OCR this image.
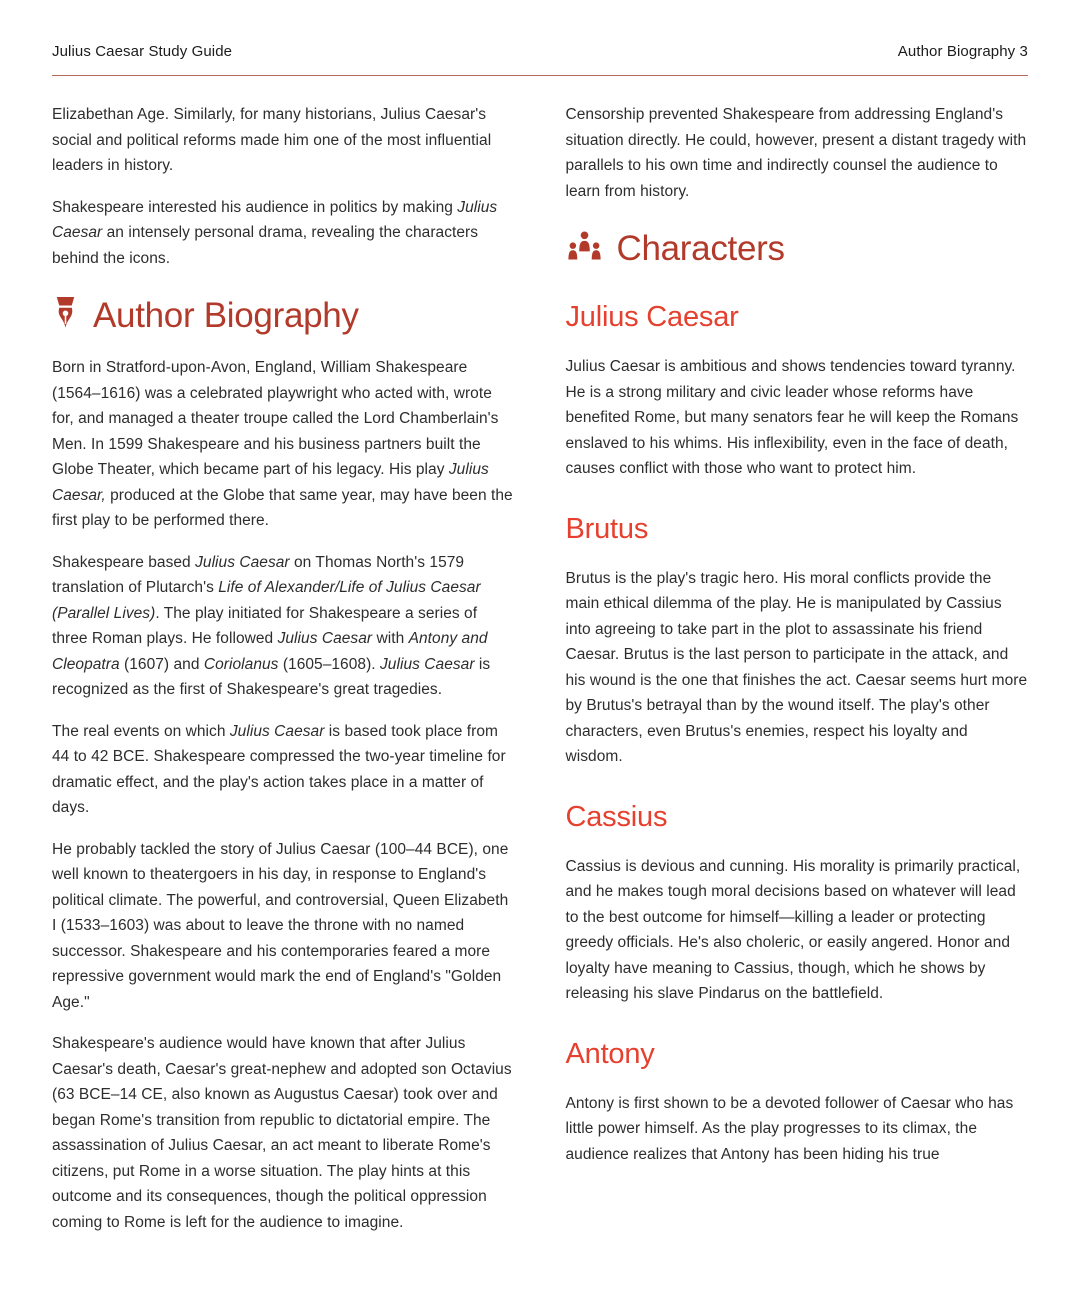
Julius Caesar Study Guide	Author Biography 3

Elizabethan Age. Similarly, for many historians, Julius Caesar's social and political reforms made him one of the most influential leaders in history.

Shakespeare interested his audience in politics by making Julius Caesar an intensely personal drama, revealing the characters behind the icons.

Author Biography

Born in Stratford-upon-Avon, England, William Shakespeare (1564–1616) was a celebrated playwright who acted with, wrote for, and managed a theater troupe called the Lord Chamberlain's Men. In 1599 Shakespeare and his business partners built the Globe Theater, which became part of his legacy. His play Julius Caesar, produced at the Globe that same year, may have been the first play to be performed there.

Shakespeare based Julius Caesar on Thomas North's 1579 translation of Plutarch's Life of Alexander/Life of Julius Caesar (Parallel Lives). The play initiated for Shakespeare a series of three Roman plays. He followed Julius Caesar with Antony and Cleopatra (1607) and Coriolanus (1605–1608). Julius Caesar is recognized as the first of Shakespeare's great tragedies.

The real events on which Julius Caesar is based took place from 44 to 42 BCE. Shakespeare compressed the two-year timeline for dramatic effect, and the play's action takes place in a matter of days.

He probably tackled the story of Julius Caesar (100–44 BCE), one well known to theatergoers in his day, in response to England's political climate. The powerful, and controversial, Queen Elizabeth I (1533–1603) was about to leave the throne with no named successor. Shakespeare and his contemporaries feared a more repressive government would mark the end of England's "Golden Age."

Shakespeare's audience would have known that after Julius Caesar's death, Caesar's great-nephew and adopted son Octavius (63 BCE–14 CE, also known as Augustus Caesar) took over and began Rome's transition from republic to dictatorial empire. The assassination of Julius Caesar, an act meant to liberate Rome's citizens, put Rome in a worse situation. The play hints at this outcome and its consequences, though the political oppression coming to Rome is left for the audience to imagine.

Censorship prevented Shakespeare from addressing England's situation directly. He could, however, present a distant tragedy with parallels to his own time and indirectly counsel the audience to learn from history.

Characters
Julius Caesar

Julius Caesar is ambitious and shows tendencies toward tyranny. He is a strong military and civic leader whose reforms have benefited Rome, but many senators fear he will keep the Romans enslaved to his whims. His inflexibility, even in the face of death, causes conflict with those who want to protect him.

Brutus

Brutus is the play's tragic hero. His moral conflicts provide the main ethical dilemma of the play. He is manipulated by Cassius into agreeing to take part in the plot to assassinate his friend Caesar. Brutus is the last person to participate in the attack, and his wound is the one that finishes the act. Caesar seems hurt more by Brutus's betrayal than by the wound itself. The play's other characters, even Brutus's enemies, respect his loyalty and wisdom.

Cassius

Cassius is devious and cunning. His morality is primarily practical, and he makes tough moral decisions based on whatever will lead to the best outcome for himself—killing a leader or protecting greedy officials. He's also choleric, or easily angered. Honor and loyalty have meaning to Cassius, though, which he shows by releasing his slave Pindarus on the battlefield.

Antony

Antony is first shown to be a devoted follower of Caesar who has little power himself. As the play progresses to its climax, the audience realizes that Antony has been hiding his true
